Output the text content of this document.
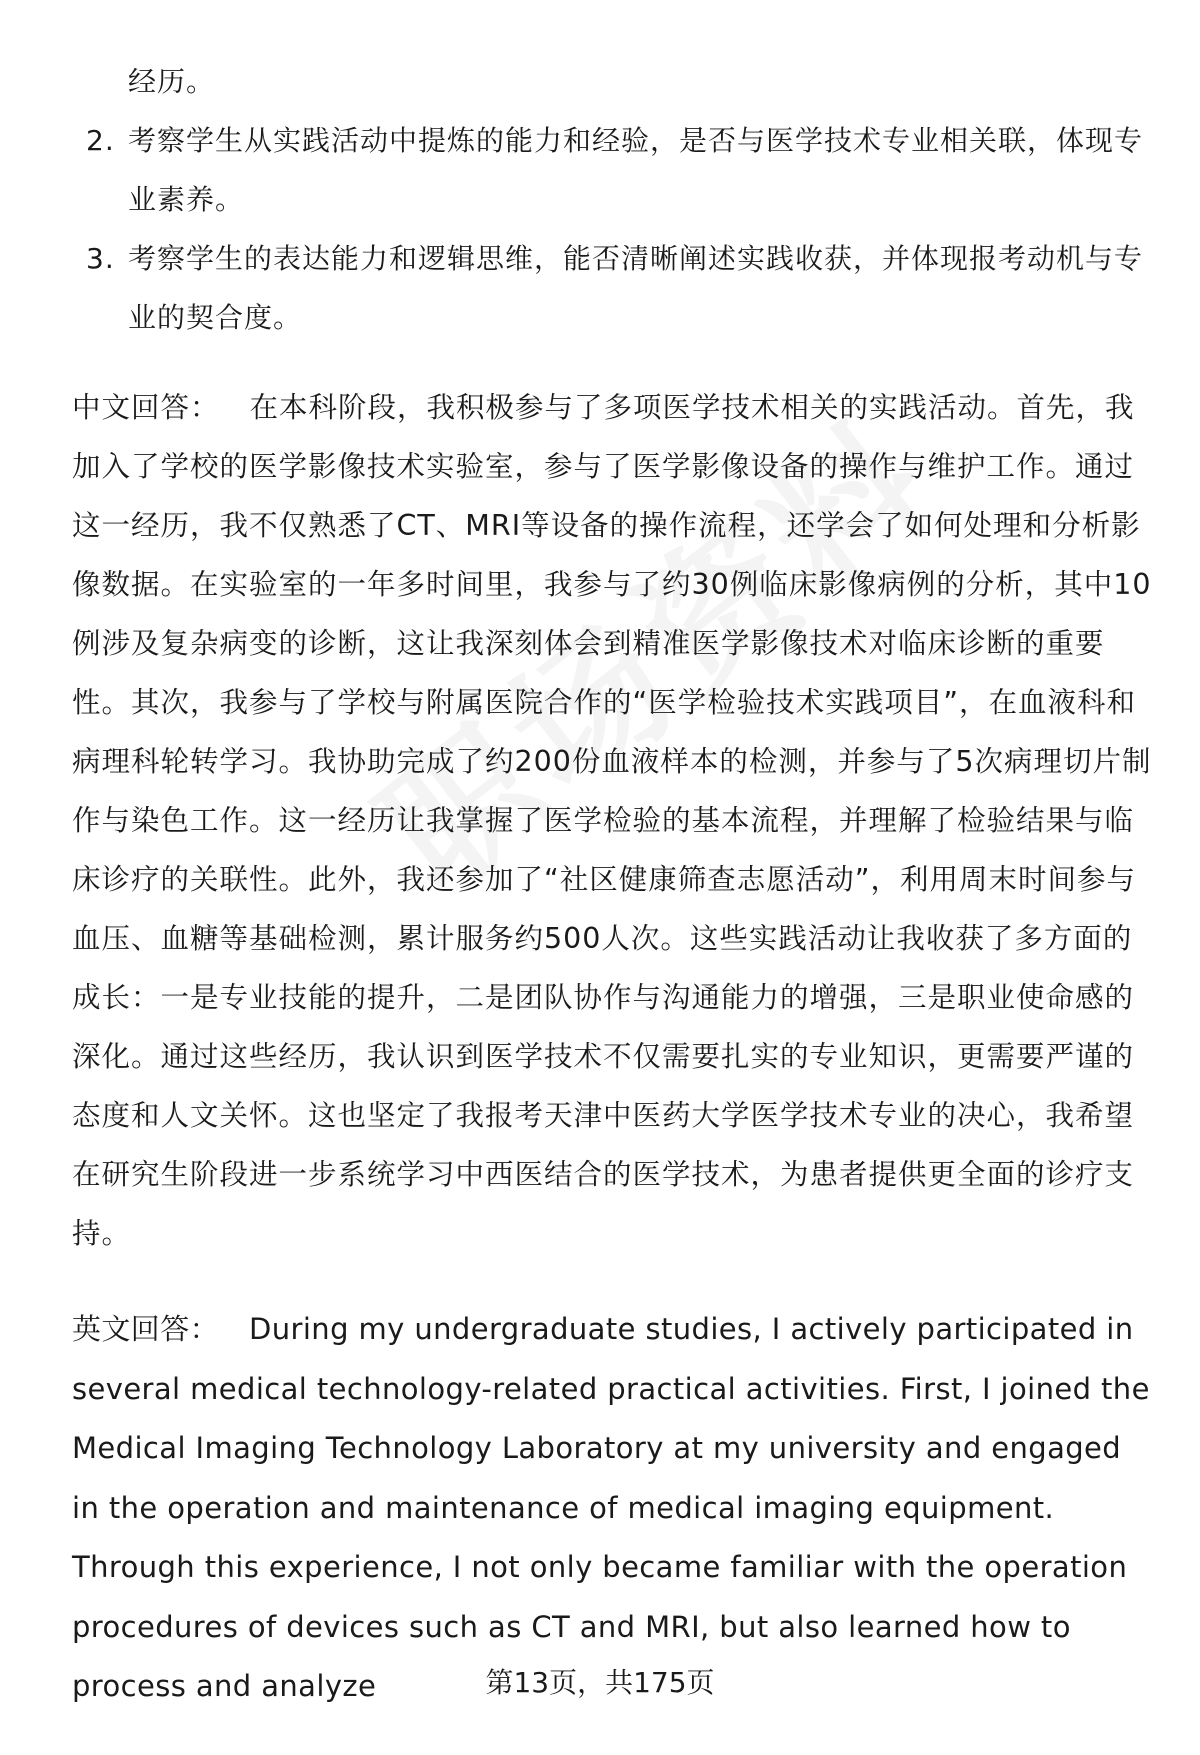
经历。
2. 考察学生从实践活动中提炼的能力和经验，是否与医学技术专业相关联，体现专业素养。
3. 考察学生的表达能力和逻辑思维，能否清晰阐述实践收获，并体现报考动机与专业的契合度。

中文回答： 在本科阶段，我积极参与了多项医学技术相关的实践活动。首先，我加入了学校的医学影像技术实验室，参与了医学影像设备的操作与维护工作。通过这一经历，我不仅熟悉了CT、MRI等设备的操作流程，还学会了如何处理和分析影像数据。在实验室的一年多时间里，我参与了约30例临床影像病例的分析，其中10例涉及复杂病变的诊断，这让我深刻体会到精准医学影像技术对临床诊断的重要性。其次，我参与了学校与附属医院合作的“医学检验技术实践项目”，在血液科和病理科轮转学习。我协助完成了约200份血液样本的检测，并参与了5次病理切片制作与染色工作。这一经历让我掌握了医学检验的基本流程，并理解了检验结果与临床诊疗的关联性。此外，我还参加了“社区健康筛查志愿活动”，利用周末时间参与血压、血糖等基础检测，累计服务约500人次。这些实践活动让我收获了多方面的成长：一是专业技能的提升，二是团队协作与沟通能力的增强，三是职业使命感的深化。通过这些经历，我认识到医学技术不仅需要扎实的专业知识，更需要严谨的态度和人文关怀。这也坚定了我报考天津中医药大学医学技术专业的决心，我希望在研究生阶段进一步系统学习中西医结合的医学技术，为患者提供更全面的诊疗支持。

英文回答： During my undergraduate studies, I actively participated in several medical technology-related practical activities. First, I joined the Medical Imaging Technology Laboratory at my university and engaged in the operation and maintenance of medical imaging equipment. Through this experience, I not only became familiar with the operation procedures of devices such as CT and MRI, but also learned how to process and analyze	第13页，共175页
